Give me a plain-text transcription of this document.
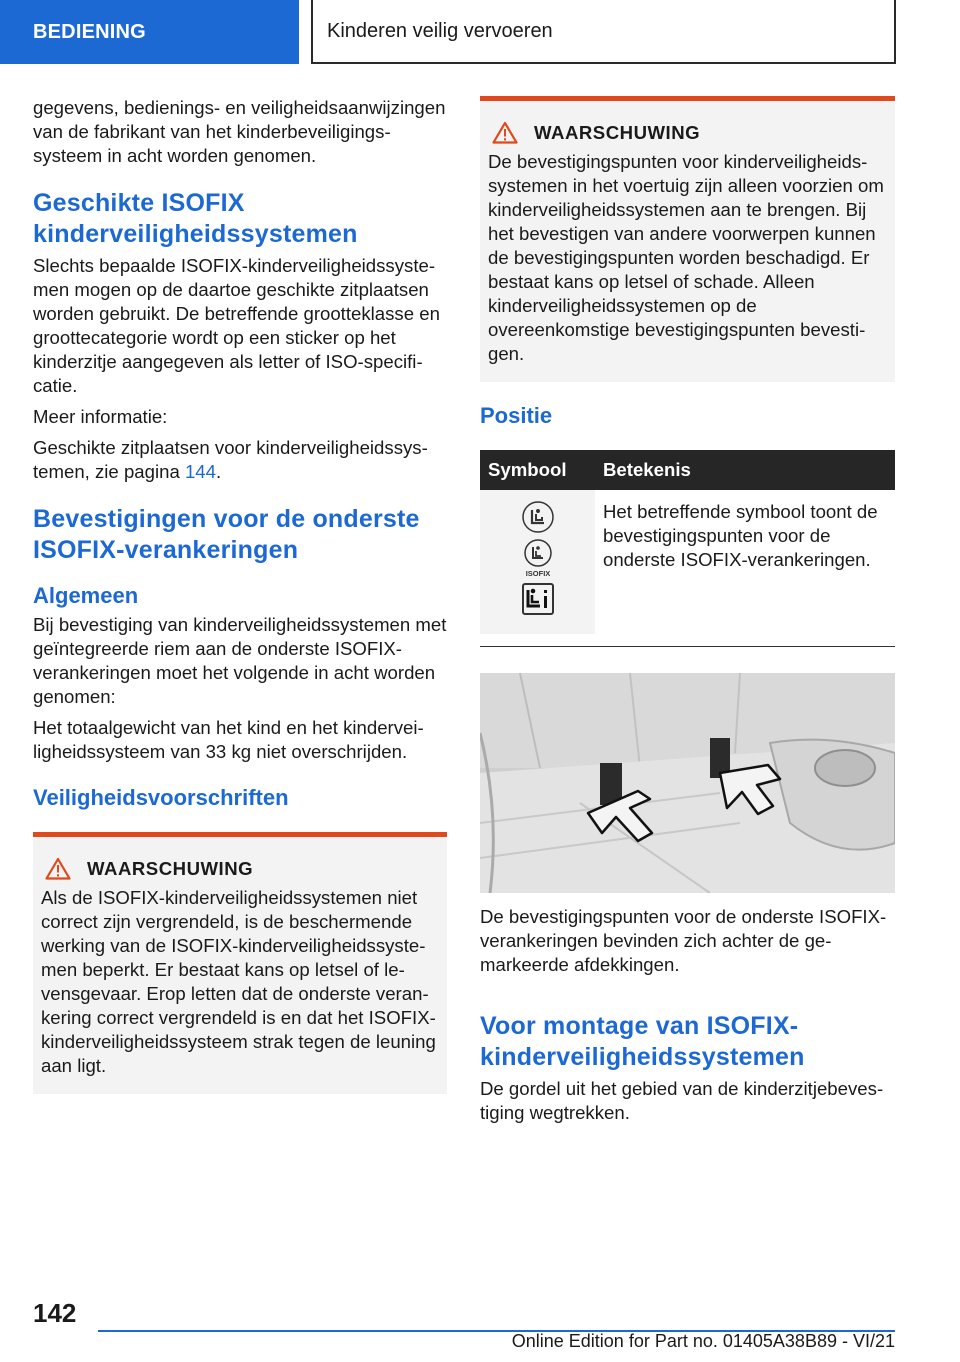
BEDIENING	Kinderen veilig vervoeren

gegevens, bedienings- en veiligheidsaanwijzingen van de fabrikant van het kinderbeveiligingssysteem in acht worden genomen.

Geschikte ISOFIX kinderveiligheidssystemen

Slechts bepaalde ISOFIX-kinderveiligheidssystemen mogen op de daartoe geschikte zitplaatsen worden gebruikt. De betreffende grootteklasse en groottecategorie wordt op een sticker op het kinderzitje aangegeven als letter of ISO-specificatie.

Meer informatie:

Geschikte zitplaatsen voor kinderveiligheidssystemen, zie pagina 144.

Bevestigingen voor de onderste ISOFIX-verankeringen
Algemeen

Bij bevestiging van kinderveiligheidssystemen met geïntegreerde riem aan de onderste ISOFIX-verankeringen moet het volgende in acht worden genomen:

Het totaalgewicht van het kind en het kinderveiligheidssysteem van 33 kg niet overschrijden.

Veiligheidsvoorschriften
WAARSCHUWING

Als de ISOFIX-kinderveiligheidssystemen niet correct zijn vergrendeld, is de beschermende werking van de ISOFIX-kinderveiligheidssystemen beperkt. Er bestaat kans op letsel of levensgevaar. Erop letten dat de onderste verankering correct vergrendeld is en dat het ISOFIX-kinderveiligheidssysteem strak tegen de leuning aan ligt.

WAARSCHUWING

De bevestigingspunten voor kinderveiligheidssystemen in het voertuig zijn alleen voorzien om kinderveiligheidssystemen aan te brengen. Bij het bevestigen van andere voorwerpen kunnen de bevestigingspunten worden beschadigd. Er bestaat kans op letsel of schade. Alleen kinderveiligheidssystemen op de overeenkomstige bevestigingspunten bevestigen.

Positie
Symbool	Betekenis

ISOFIX	Het betreffende symbool toont de bevestigingspunten voor de onderste ISOFIX-verankeringen.

De bevestigingspunten voor de onderste ISOFIX-verankeringen bevinden zich achter de gemarkeerde afdekkingen.

Voor montage van ISOFIX-kinderveiligheidssystemen

De gordel uit het gebied van de kinderzitjebevestiging wegtrekken.

142
Online Edition for Part no. 01405A38B89 - VI/21
